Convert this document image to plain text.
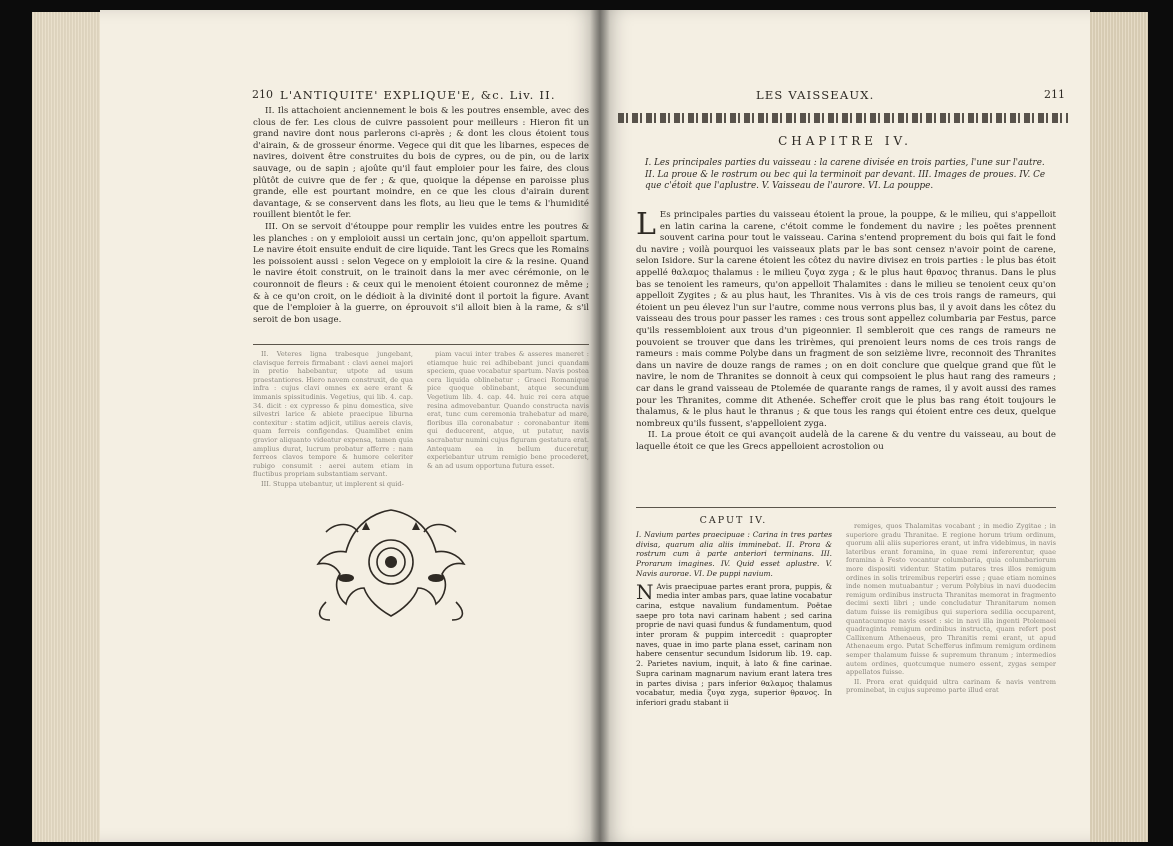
210 L'ANTIQUITE' EXPLIQUE'E, &c. Liv. II.

II. Ils attachoient anciennement le bois & les poutres ensemble, avec des clous de fer. Les clous de cuivre passoient pour meilleurs : Hieron fit un grand navire dont nous parlerons ci-après ; & dont les clous étoient tous d'airain, & de grosseur énorme. Vegece qui dit que les libarnes, especes de navires, doivent être construites du bois de cypres, ou de pin, ou de larix sauvage, ou de sapin ; ajoûte qu'il faut emploier pour les faire, des clous plûtôt de cuivre que de fer ; & que, quoique la dépense en paroisse plus grande, elle est pourtant moindre, en ce que les clous d'airain durent davantage, & se conservent dans les flots, au lieu que le tems & l'humidité rouillent bientôt le fer.

III. On se servoit d'étouppe pour remplir les vuides entre les poutres & les planches : on y emploioit aussi un certain jonc, qu'on appelloit spartum. Le navire étoit ensuite enduit de cire liquide. Tant les Grecs que les Romains les poissoient aussi : selon Vegece on y emploioit la cire & la resine. Quand le navire étoit construit, on le trainoit dans la mer avec cérémonie, on le couronnoit de fleurs : & ceux qui le menoient étoient couronnez de même ; & à ce qu'on croit, on le dédioit à la divinité dont il portoit la figure. Avant que de l'emploier à la guerre, on éprouvoit s'il alloit bien à la rame, & s'il seroit de bon usage.

II. Veteres ligna trabesque jungebant, clavisque ferreis firmabant : clavi aenei majori in pretio habebantur, utpote ad usum praestantiores. Hiero navem construxit, de qua infra : cujus clavi omnes ex aere erant & immanis spissitudinis. Vegetius, qui lib. 4. cap. 34. dicit : ex cypresso & pinu domestica, sive silvestri larice & abiete praecipue liburna contexitur : statim adjicit, utilius aereis clavis, quam ferreis configendas. Quamlibet enim gravior aliquanto videatur expensa, tamen quia amplius durat, lucrum probatur afferre : nam ferreos clavos tempore & humore celeriter rubigo consumit : aerei autem etiam in fluctibus propriam substantiam servant.

III. Stuppa utebantur, ut implerent si quid-

piam vacui inter trabes & asseres maneret : etiamque huic rei adhibebant junci quandam speciem, quae vocabatur spartum. Navis postea cera liquida oblinebatur : Graeci Romanique pice quoque oblinebant, atque secundum Vegetium lib. 4. cap. 44. huic rei cera atque resina admovebantur. Quando constructa navis erat, tunc cum ceremonia trahebatur ad mare, floribus illa coronabatur : coronabantur item qui deducerent, atque, ut putatur, navis sacrabatur numini cujus figuram gestatura erat. Antequam ea in bellum duceretur, experiebantur utrum remigio bene procederet, & an ad usum opportuna futura esset.

LES VAISSEAUX.	211
CHAPITRE IV.
I. Les principales parties du vaisseau : la carene divisée en trois parties, l'une sur l'autre. II. La proue & le rostrum ou bec qui la terminoit par devant. III. Images de proues. IV. Ce que c'étoit que l'aplustre. V. Vaisseau de l'aurore. VI. La pouppe.

L Es principales parties du vaisseau étoient la proue, la pouppe, & le milieu, qui s'appelloit en latin carina la carene, c'étoit comme le fondement du navire ; les poëtes prennent souvent carina pour tout le vaisseau. Carina s'entend proprement du bois qui fait le fond du navire ; voilà pourquoi les vaisseaux plats par le bas sont censez n'avoir point de carene, selon Isidore. Sur la carene étoient les côtez du navire divisez en trois parties : le plus bas étoit appellé θαλαμος thalamus : le milieu ζυγα zyga ; & le plus haut θρανος thranus. Dans le plus bas se tenoient les rameurs, qu'on appelloit Thalamites : dans le milieu se tenoient ceux qu'on appelloit Zygites ; & au plus haut, les Thranites. Vis à vis de ces trois rangs de rameurs, qui étoient un peu élevez l'un sur l'autre, comme nous verrons plus bas, il y avoit dans les côtez du vaisseau des trous pour passer les rames : ces trous sont appellez columbaria par Festus, parce qu'ils ressembloient aux trous d'un pigeonnier. Il sembleroit que ces rangs de rameurs ne pouvoient se trouver que dans les trirèmes, qui prenoient leurs noms de ces trois rangs de rameurs : mais comme Polybe dans un fragment de son seizième livre, reconnoit des Thranites dans un navire de douze rangs de rames ; on en doit conclure que quelque grand que fût le navire, le nom de Thranites se donnoit à ceux qui compsoient le plus haut rang des rameurs ; car dans le grand vaisseau de Ptolemée de quarante rangs de rames, il y avoit aussi des rames pour les Thranites, comme dit Athenée. Scheffer croit que le plus bas rang étoit toujours le thalamus, & le plus haut le thranus ; & que tous les rangs qui étoient entre ces deux, quelque nombreux qu'ils fussent, s'appelloient zyga.

II. La proue étoit ce qui avançoit audelà de la carene & du ventre du vaisseau, au bout de laquelle étoit ce que les Grecs appelloient acrostolion ou

CAPUT IV.

I. Navium partes praecipuae : Carina in tres partes divisa, quarum alia aliis imminebat. II. Prora & rostrum cum à parte anteriori terminans. III. Prorarum imagines. IV. Quid esset aplustre. V. Navis aurorae. VI. De puppi navium.

N Avis praecipuae partes erant prora, puppis, & media inter ambas pars, quae latine vocabatur carina, estque navalium fundamentum. Poëtae saepe pro tota navi carinam habent ; sed carina proprie de navi quasi fundus & fundamentum, quod inter proram & puppim intercedit : quapropter naves, quae in imo parte plana esset, carinam non habere censentur secundum Isidorum lib. 19. cap. 2. Parietes navium, inquit, à lato & fine carinae. Supra carinam magnarum navium erant latera tres in partes divisa ; pars inferior θαλαμος thalamus vocabatur, media ζυγα zyga, superior θρανος. In inferiori gradu stabant ii

remiges, quos Thalamitas vocabant ; in medio Zygitae ; in superiore gradu Thranitae. E regione horum trium ordinum, quorum alii aliis superiores erant, ut infra videbimus, in navis lateribus erant foramina, in quae remi infererentur, quae foramina à Festo vocantur columbaria, quia columbariorum more dispositi videntur. Statim putares tres illos remigum ordines in solis triremibus reperiri esse ; quae etiam nomines inde nomen mutuabantur ; verum Polybius in navi duodecim remigum ordinibus instructa Thranitas memorat in fragmento decimi sexti libri ; unde concludatur Thranitarum nomen datum fuisse iis remigibus qui superiora sedilia occuparent, quantacumque navis esset : sic in navi illa ingenti Ptolemaei quadraginta remigum ordinibus instructa, quam refert post Callixenum Athenaeus, pro Thranitis remi erant, ut apud Athenaeum ergo. Putat Schefferus infimum remigum ordinem semper thalamum fuisse & supremum thranum ; intermedios autem ordines, quotcumque numero essent, zygas semper appellatos fuisse.

II. Prora erat quidquid ultra carinam & navis ventrem prominebat, in cujus supremo parte illud erat
